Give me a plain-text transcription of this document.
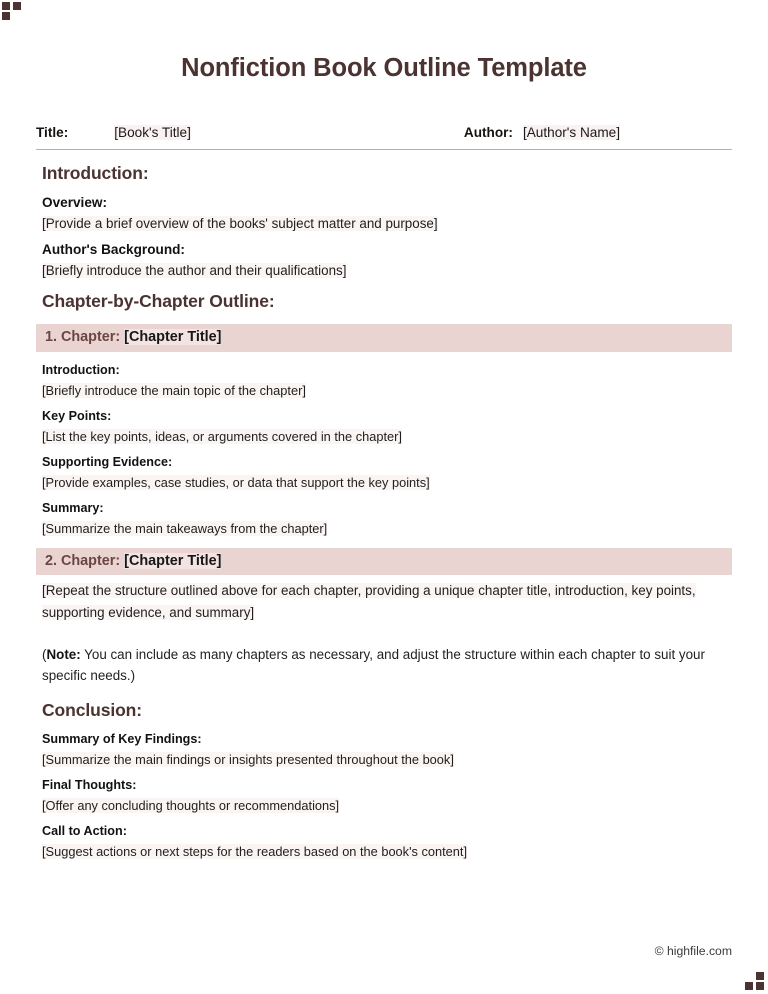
Nonfiction Book Outline Template
Title:	[Book's Title]	Author: [Author's Name]
Introduction:
Overview:
[Provide a brief overview of the books' subject matter and purpose]
Author's Background:
[Briefly introduce the author and their qualifications]
Chapter-by-Chapter Outline:
1. Chapter: [Chapter Title]
Introduction:
[Briefly introduce the main topic of the chapter]
Key Points:
[List the key points, ideas, or arguments covered in the chapter]
Supporting Evidence:
[Provide examples, case studies, or data that support the key points]
Summary:
[Summarize the main takeaways from the chapter]
2. Chapter: [Chapter Title]
[Repeat the structure outlined above for each chapter, providing a unique chapter title, introduction, key points, supporting evidence, and summary]
(Note: You can include as many chapters as necessary, and adjust the structure within each chapter to suit your specific needs.)
Conclusion:
Summary of Key Findings:
[Summarize the main findings or insights presented throughout the book]
Final Thoughts:
[Offer any concluding thoughts or recommendations]
Call to Action:
[Suggest actions or next steps for the readers based on the book's content]
© highfile.com
